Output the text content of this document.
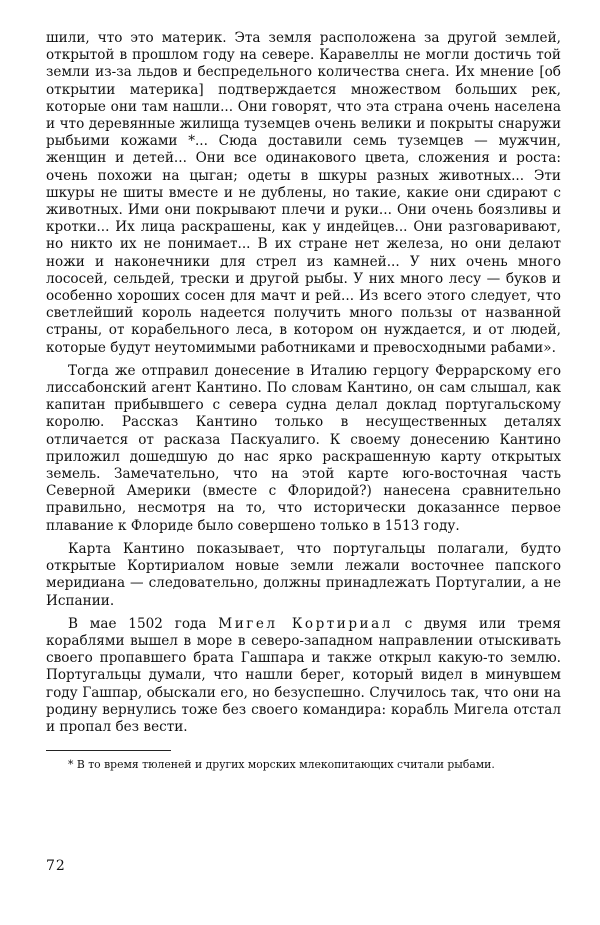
шили, что это материк. Эта земля расположена за другой землей, открытой в прошлом году на севере. Каравеллы не могли достичь той земли из-за льдов и беспредельного количества снега. Их мнение [об открытии материка] подтверждается множеством больших рек, которые они там нашли... Они говорят, что эта страна очень населена и что деревянные жилища туземцев очень велики и покрыты снаружи рыбьими кожами *... Сюда доставили семь туземцев — мужчин, женщин и детей... Они все одинакового цвета, сложения и роста: очень похожи на цыган; одеты в шкуры разных животных... Эти шкуры не шиты вместе и не дублены, но такие, какие они сдирают с животных. Ими они покрывают плечи и руки... Они очень боязливы и кротки... Их лица раскрашены, как у индейцев... Они разговаривают, но никто их не понимает... В их стране нет железа, но они делают ножи и наконечники для стрел из камней... У них очень много лососей, сельдей, трески и другой рыбы. У них много лесу — буков и особенно хороших сосен для мачт и рей... Из всего этого следует, что светлейший король надеется получить много пользы от названной страны, от корабельного леса, в котором он нуждается, и от людей, которые будут неутомимыми работниками и превосходными рабами».

Тогда же отправил донесение в Италию герцогу Феррарскому его лиссабонский агент Кантино. По словам Кантино, он сам слышал, как капитан прибывшего с севера судна делал доклад португальскому королю. Рассказ Кантино только в несущественных деталях отличается от расказа Паскуалиго. К своему донесению Кантино приложил дошедшую до нас ярко раскрашенную карту открытых земель. Замечательно, что на этой карте юго-восточная часть Северной Америки (вместе с Флоридой?) нанесена сравнительно правильно, несмотря на то, что исторически доказаннсе первое плавание к Флориде было совершено только в 1513 году.

Карта Кантино показывает, что португальцы полагали, будто открытые Кортириалом новые земли лежали восточнее папского меридиана — следовательно, должны принадлежать Португалии, а не Испании.

В мае 1502 года Мигел Кортириал с двумя или тремя кораблями вышел в море в северо-западном направлении отыскивать своего пропавшего брата Гашпара и также открыл какую-то землю. Португальцы думали, что нашли берег, который видел в минувшем году Гашпар, обыскали его, но безуспешно. Случилось так, что они на родину вернулись тоже без своего командира: корабль Мигела отстал и пропал без вести.

* В то время тюленей и других морских млекопитающих считали рыбами.

72
